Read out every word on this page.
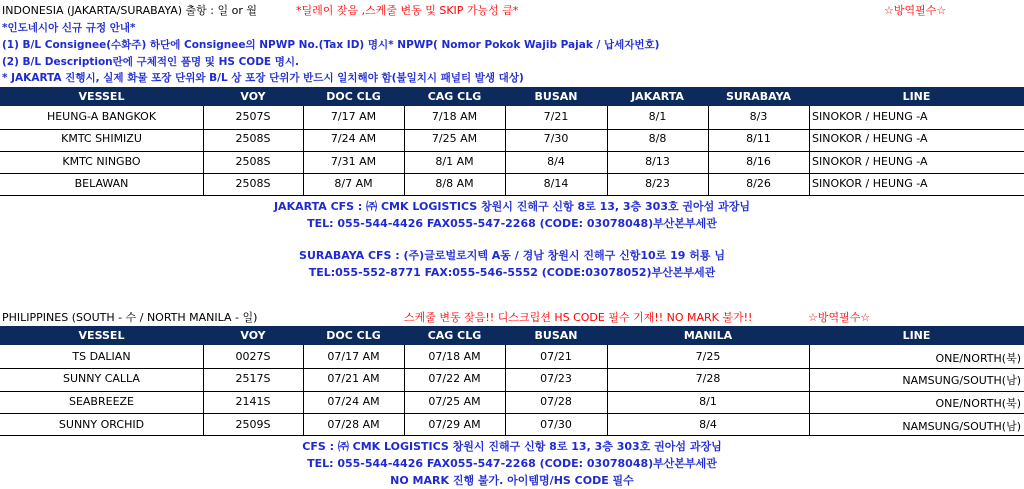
INDONESIA (JAKARTA/SURABAYA) 출항 : 일 or 월	*딜레이 잦음 ,스케줄 변동 및 SKIP 가능성 큼*	☆방역필수☆
*인도네시아 신규 규정 안내*
(1) B/L Consignee(수화주) 하단에 Consignee의 NPWP No.(Tax ID) 명시* NPWP( Nomor Pokok Wajib Pajak / 납세자번호)
(2) B/L Description란에 구체적인 품명 및 HS CODE 명시.
* JAKARTA 진행시, 실제 화물 포장 단위와 B/L 상 포장 단위가 반드시 일치해야 함(불일치시 패널티 발생 대상)
VESSEL	VOY	DOC CLG	CAG CLG	BUSAN	JAKARTA	SURABAYA	LINE
HEUNG-A BANGKOK	2507S	7/17 AM	7/18 AM	7/21	8/1	8/3	SINOKOR / HEUNG -A
KMTC SHIMIZU	2508S	7/24 AM	7/25 AM	7/30	8/8	8/11	SINOKOR / HEUNG -A
KMTC NINGBO	2508S	7/31 AM	8/1 AM	8/4	8/13	8/16	SINOKOR / HEUNG -A
BELAWAN	2508S	8/7 AM	8/8 AM	8/14	8/23	8/26	SINOKOR / HEUNG -A
JAKARTA CFS : ㈜ CMK LOGISTICS 창원시 진해구 신항 8로 13, 3층 303호 권아섬 과장님
TEL: 055-544-4426 FAX055-547-2268 (CODE: 03078048)부산본부세관
SURABAYA CFS : (주)글로벌로지텍 A동 / 경남 창원시 진해구 신항10로 19 허룡 님
TEL:055-552-8771 FAX:055-546-5552 (CODE:03078052)부산본부세관
PHILIPPINES (SOUTH - 수 / NORTH MANILA - 일)	스케줄 변동 잦음!! 디스크립션 HS CODE 필수 기재!! NO MARK 불가!!	☆방역필수☆
VESSEL	VOY	DOC CLG	CAG CLG	BUSAN	MANILA	LINE
TS DALIAN	0027S	07/17 AM	07/18 AM	07/21	7/25	ONE/NORTH(북)
SUNNY CALLA	2517S	07/21 AM	07/22 AM	07/23	7/28	NAMSUNG/SOUTH(남)
SEABREEZE	2141S	07/24 AM	07/25 AM	07/28	8/1	ONE/NORTH(북)
SUNNY ORCHID	2509S	07/28 AM	07/29 AM	07/30	8/4	NAMSUNG/SOUTH(남)
CFS : ㈜ CMK LOGISTICS 창원시 진해구 신항 8로 13, 3층 303호 권아섬 과장님
TEL: 055-544-4426 FAX055-547-2268 (CODE: 03078048)부산본부세관
NO MARK 진행 불가. 아이템명/HS CODE 필수
